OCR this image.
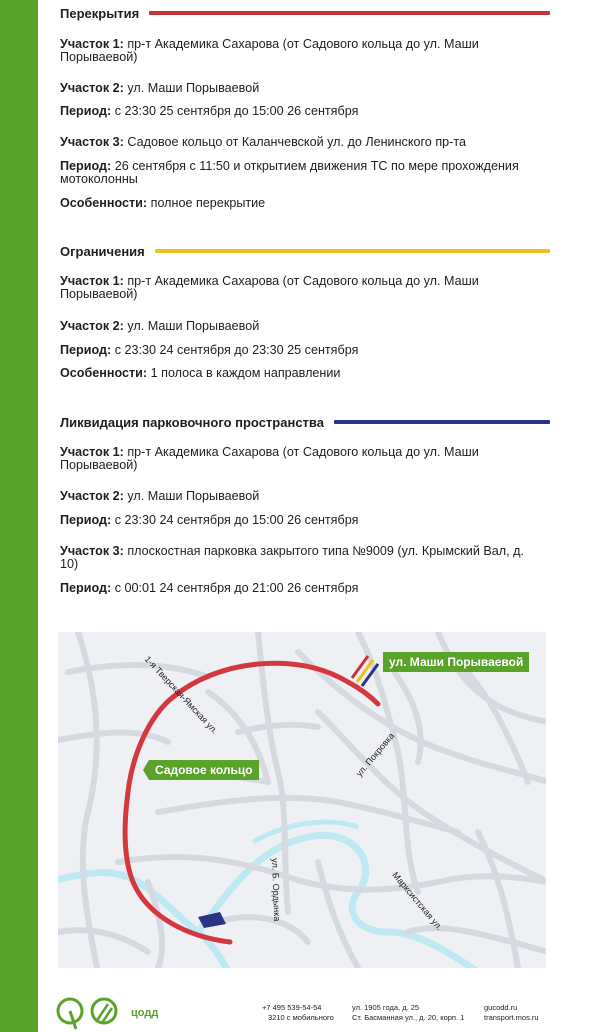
Перекрытия
Участок 1: пр-т Академика Сахарова (от Садового кольца до ул. Маши Порываевой)
Участок 2: ул. Маши Порываевой
Период: с 23:30 25 сентября до 15:00 26 сентября
Участок 3: Садовое кольцо от Каланчевской ул. до Ленинского пр-та
Период: 26 сентября с 11:50 и открытием движения ТС по мере прохождения мотоколонны
Особенности: полное перекрытие
Ограничения
Участок 1: пр-т Академика Сахарова (от Садового кольца до ул. Маши Порываевой)
Участок 2: ул. Маши Порываевой
Период: с 23:30 24 сентября до 23:30 25 сентября
Особенности: 1 полоса в каждом направлении
Ликвидация парковочного пространства
Участок 1: пр-т Академика Сахарова (от Садового кольца до ул. Маши Порываевой)
Участок 2: ул. Маши Порываевой
Период: с 23:30 24 сентября до 15:00 26 сентября
Участок 3: плоскостная парковка закрытого типа №9009 (ул. Крымский Вал, д. 10)
Период: с 00:01 24 сентября до 21:00 26 сентября
Садовое кольцо
ул. Маши Порываевой
1-я Тверская-Ямская ул.
ул. Покровка
ул. Б. Ордынка	Марксистская ул.
цодд	+7 495 539-54-54
3210 с мобильного
ул. 1905 года, д. 25
Ст. Басманная ул., д. 20, корп. 1
gucodd.ru
transport.mos.ru
